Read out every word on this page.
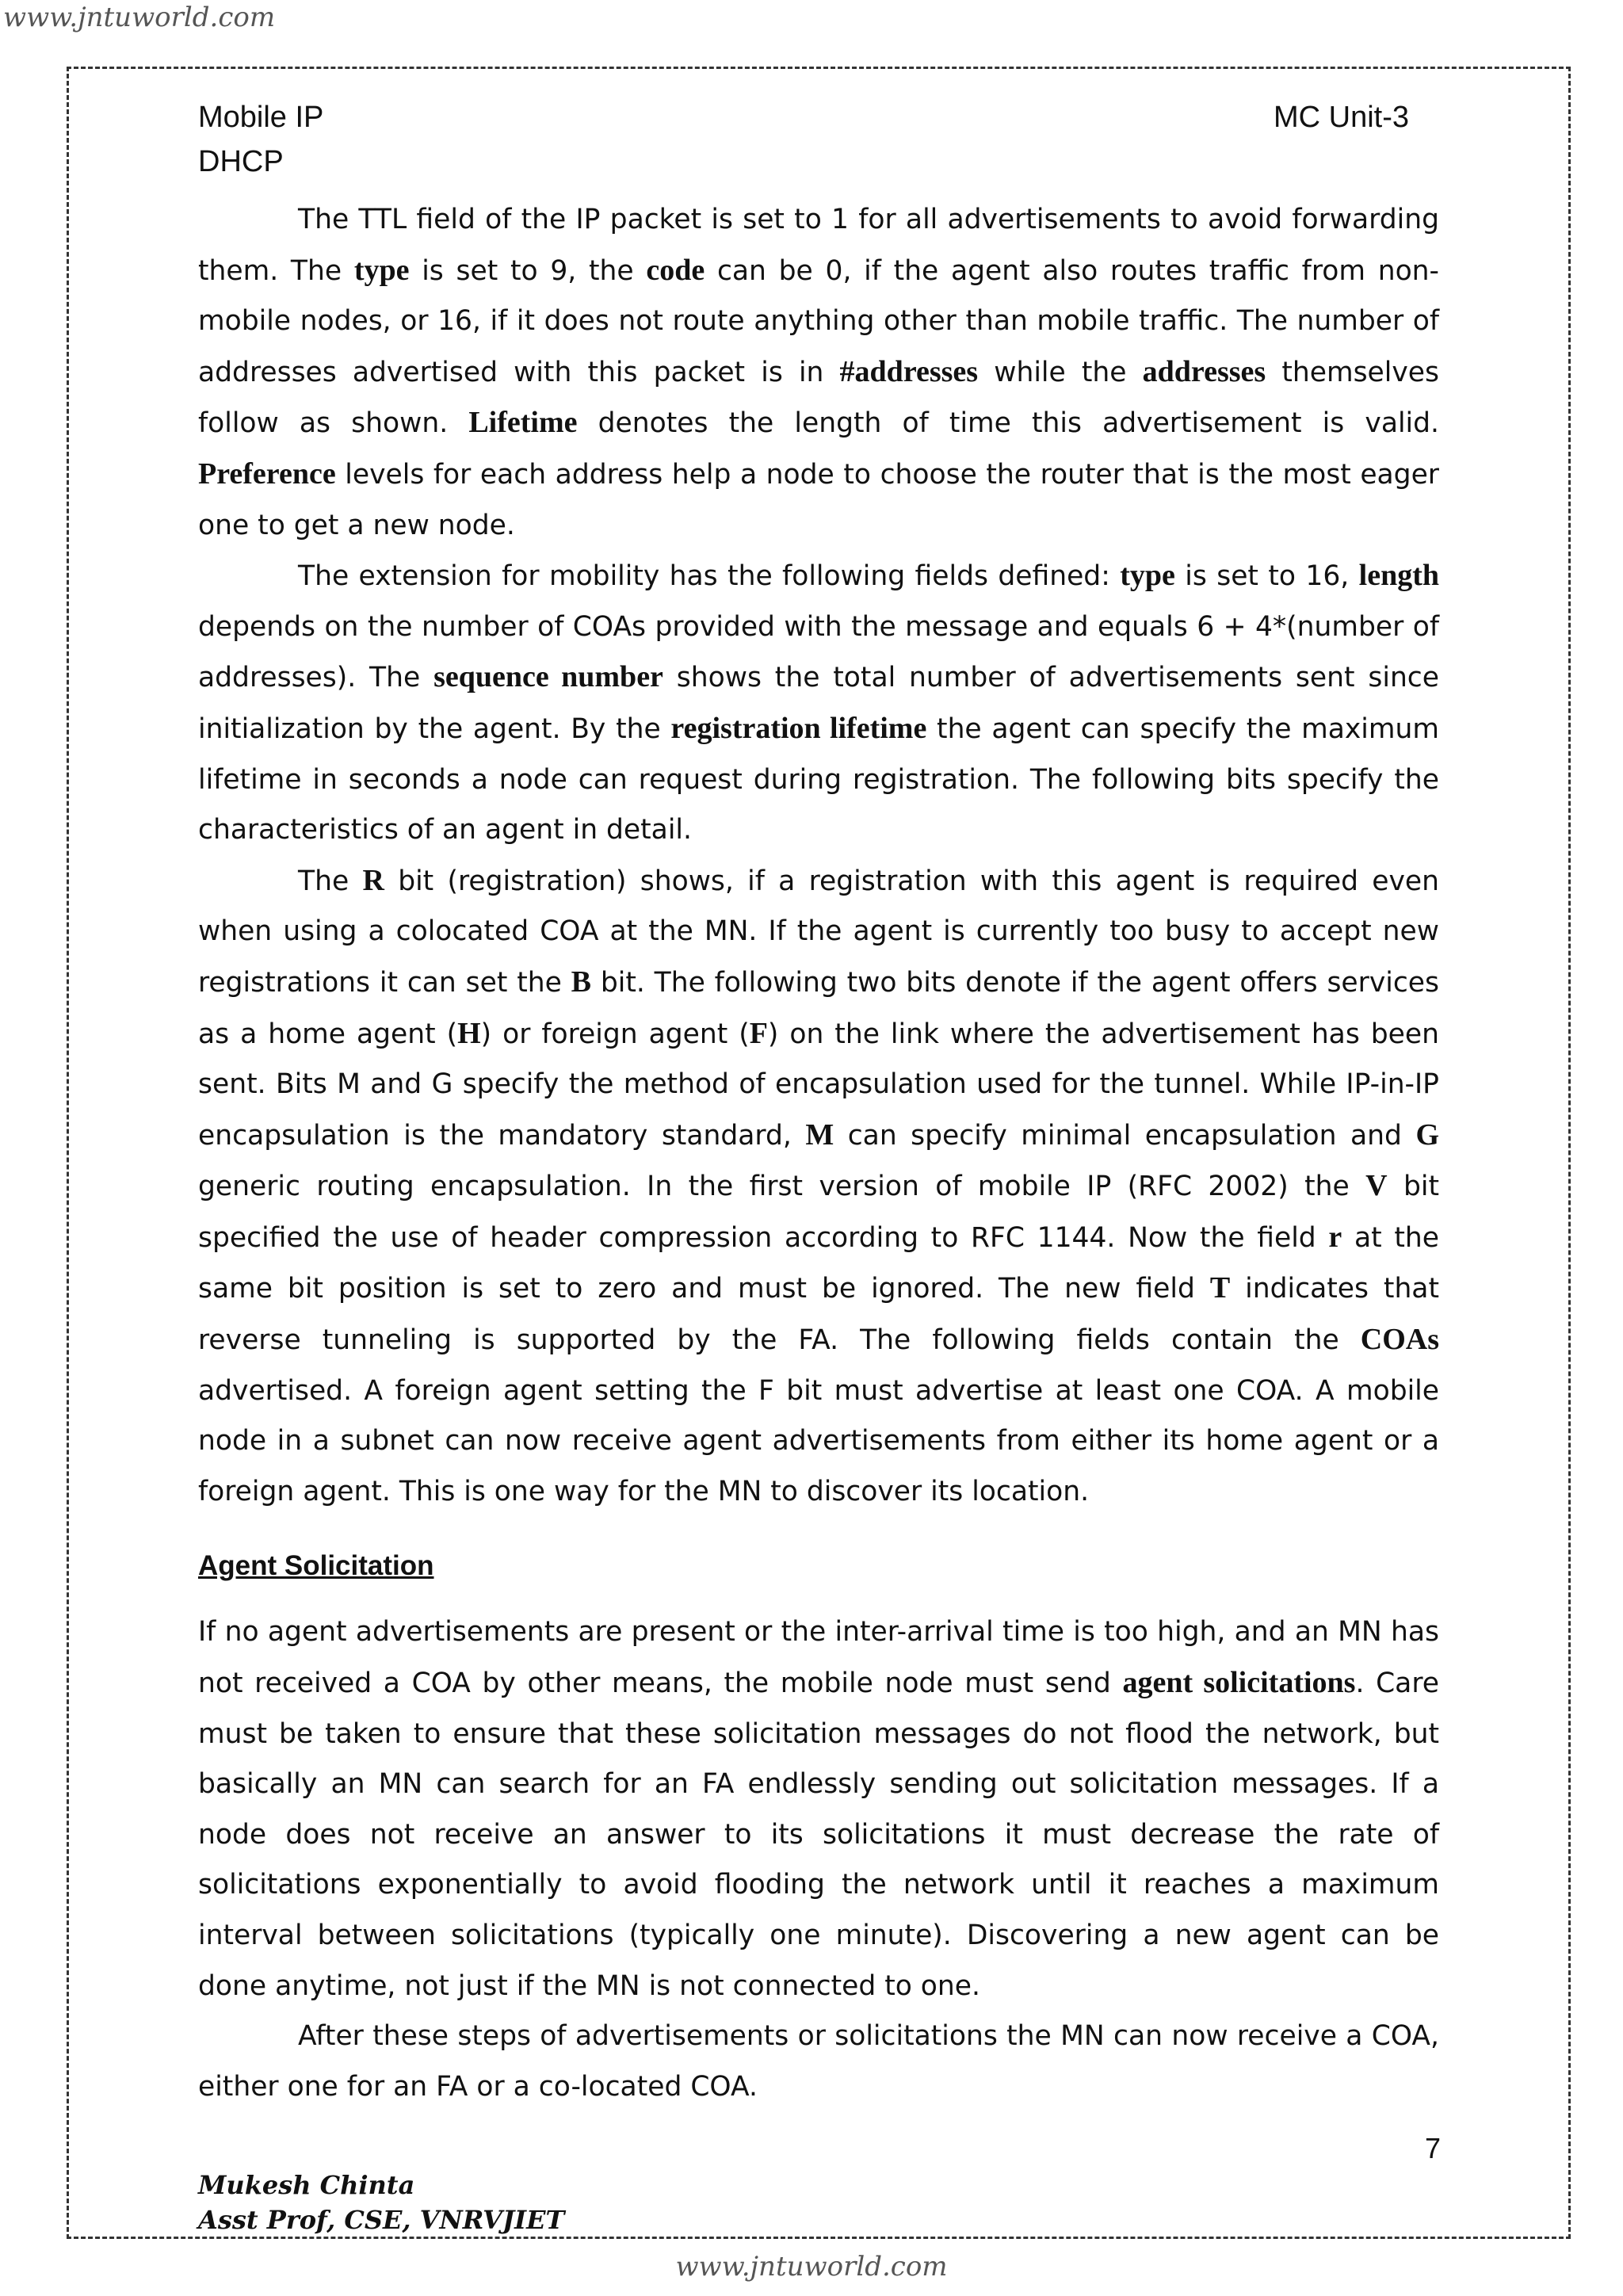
www.jntuworld.com
Mobile IP	MC Unit-3
DHCP

The TTL field of the IP packet is set to 1 for all advertisements to avoid forwarding them. The type is set to 9, the code can be 0, if the agent also routes traffic from non-mobile nodes, or 16, if it does not route anything other than mobile traffic. The number of addresses advertised with this packet is in #addresses while the addresses themselves follow as shown. Lifetime denotes the length of time this advertisement is valid. Preference levels for each address help a node to choose the router that is the most eager one to get a new node.

The extension for mobility has the following fields defined: type is set to 16, length depends on the number of COAs provided with the message and equals 6 + 4*(number of addresses). The sequence number shows the total number of advertisements sent since initialization by the agent. By the registration lifetime the agent can specify the maximum lifetime in seconds a node can request during registration. The following bits specify the characteristics of an agent in detail.

The R bit (registration) shows, if a registration with this agent is required even when using a colocated COA at the MN. If the agent is currently too busy to accept new registrations it can set the B bit. The following two bits denote if the agent offers services as a home agent (H) or foreign agent (F) on the link where the advertisement has been sent. Bits M and G specify the method of encapsulation used for the tunnel. While IP-in-IP encapsulation is the mandatory standard, M can specify minimal encapsulation and G generic routing encapsulation. In the first version of mobile IP (RFC 2002) the V bit specified the use of header compression according to RFC 1144. Now the field r at the same bit position is set to zero and must be ignored. The new field T indicates that reverse tunneling is supported by the FA. The following fields contain the COAs advertised. A foreign agent setting the F bit must advertise at least one COA. A mobile node in a subnet can now receive agent advertisements from either its home agent or a foreign agent. This is one way for the MN to discover its location.

Agent Solicitation

If no agent advertisements are present or the inter-arrival time is too high, and an MN has not received a COA by other means, the mobile node must send agent solicitations. Care must be taken to ensure that these solicitation messages do not flood the network, but basically an MN can search for an FA endlessly sending out solicitation messages. If a node does not receive an answer to its solicitations it must decrease the rate of solicitations exponentially to avoid flooding the network until it reaches a maximum interval between solicitations (typically one minute). Discovering a new agent can be done anytime, not just if the MN is not connected to one.

After these steps of advertisements or solicitations the MN can now receive a COA, either one for an FA or a co-located COA.

7
Mukesh Chinta
Asst Prof, CSE, VNRVJIET
www.jntuworld.com
